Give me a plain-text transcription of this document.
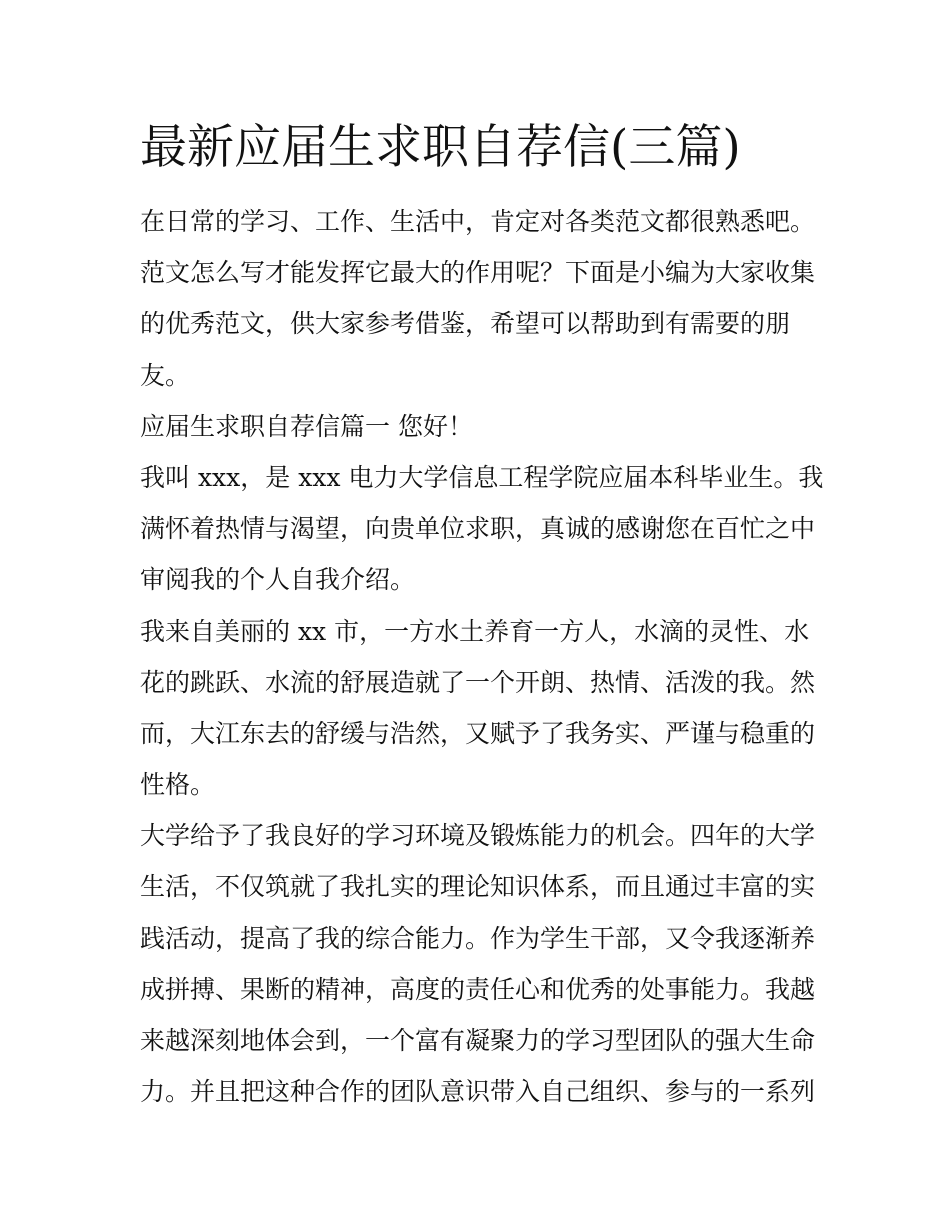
最新应届生求职自荐信(三篇)
在日常的学习、工作、生活中，肯定对各类范文都很熟悉吧。
范文怎么写才能发挥它最大的作用呢？下面是小编为大家收集
的优秀范文，供大家参考借鉴，希望可以帮助到有需要的朋
友。
应届生求职自荐信篇一 您好！
我叫 xxx，是 xxx 电力大学信息工程学院应届本科毕业生。我
满怀着热情与渴望，向贵单位求职，真诚的感谢您在百忙之中
审阅我的个人自我介绍。
我来自美丽的 xx 市，一方水土养育一方人，水滴的灵性、水
花的跳跃、水流的舒展造就了一个开朗、热情、活泼的我。然
而，大江东去的舒缓与浩然，又赋予了我务实、严谨与稳重的
性格。
大学给予了我良好的学习环境及锻炼能力的机会。四年的大学
生活，不仅筑就了我扎实的理论知识体系，而且通过丰富的实
践活动，提高了我的综合能力。作为学生干部，又令我逐渐养
成拼搏、果断的精神，高度的责任心和优秀的处事能力。我越
来越深刻地体会到，一个富有凝聚力的学习型团队的强大生命
力。并且把这种合作的团队意识带入自己组织、参与的一系列
